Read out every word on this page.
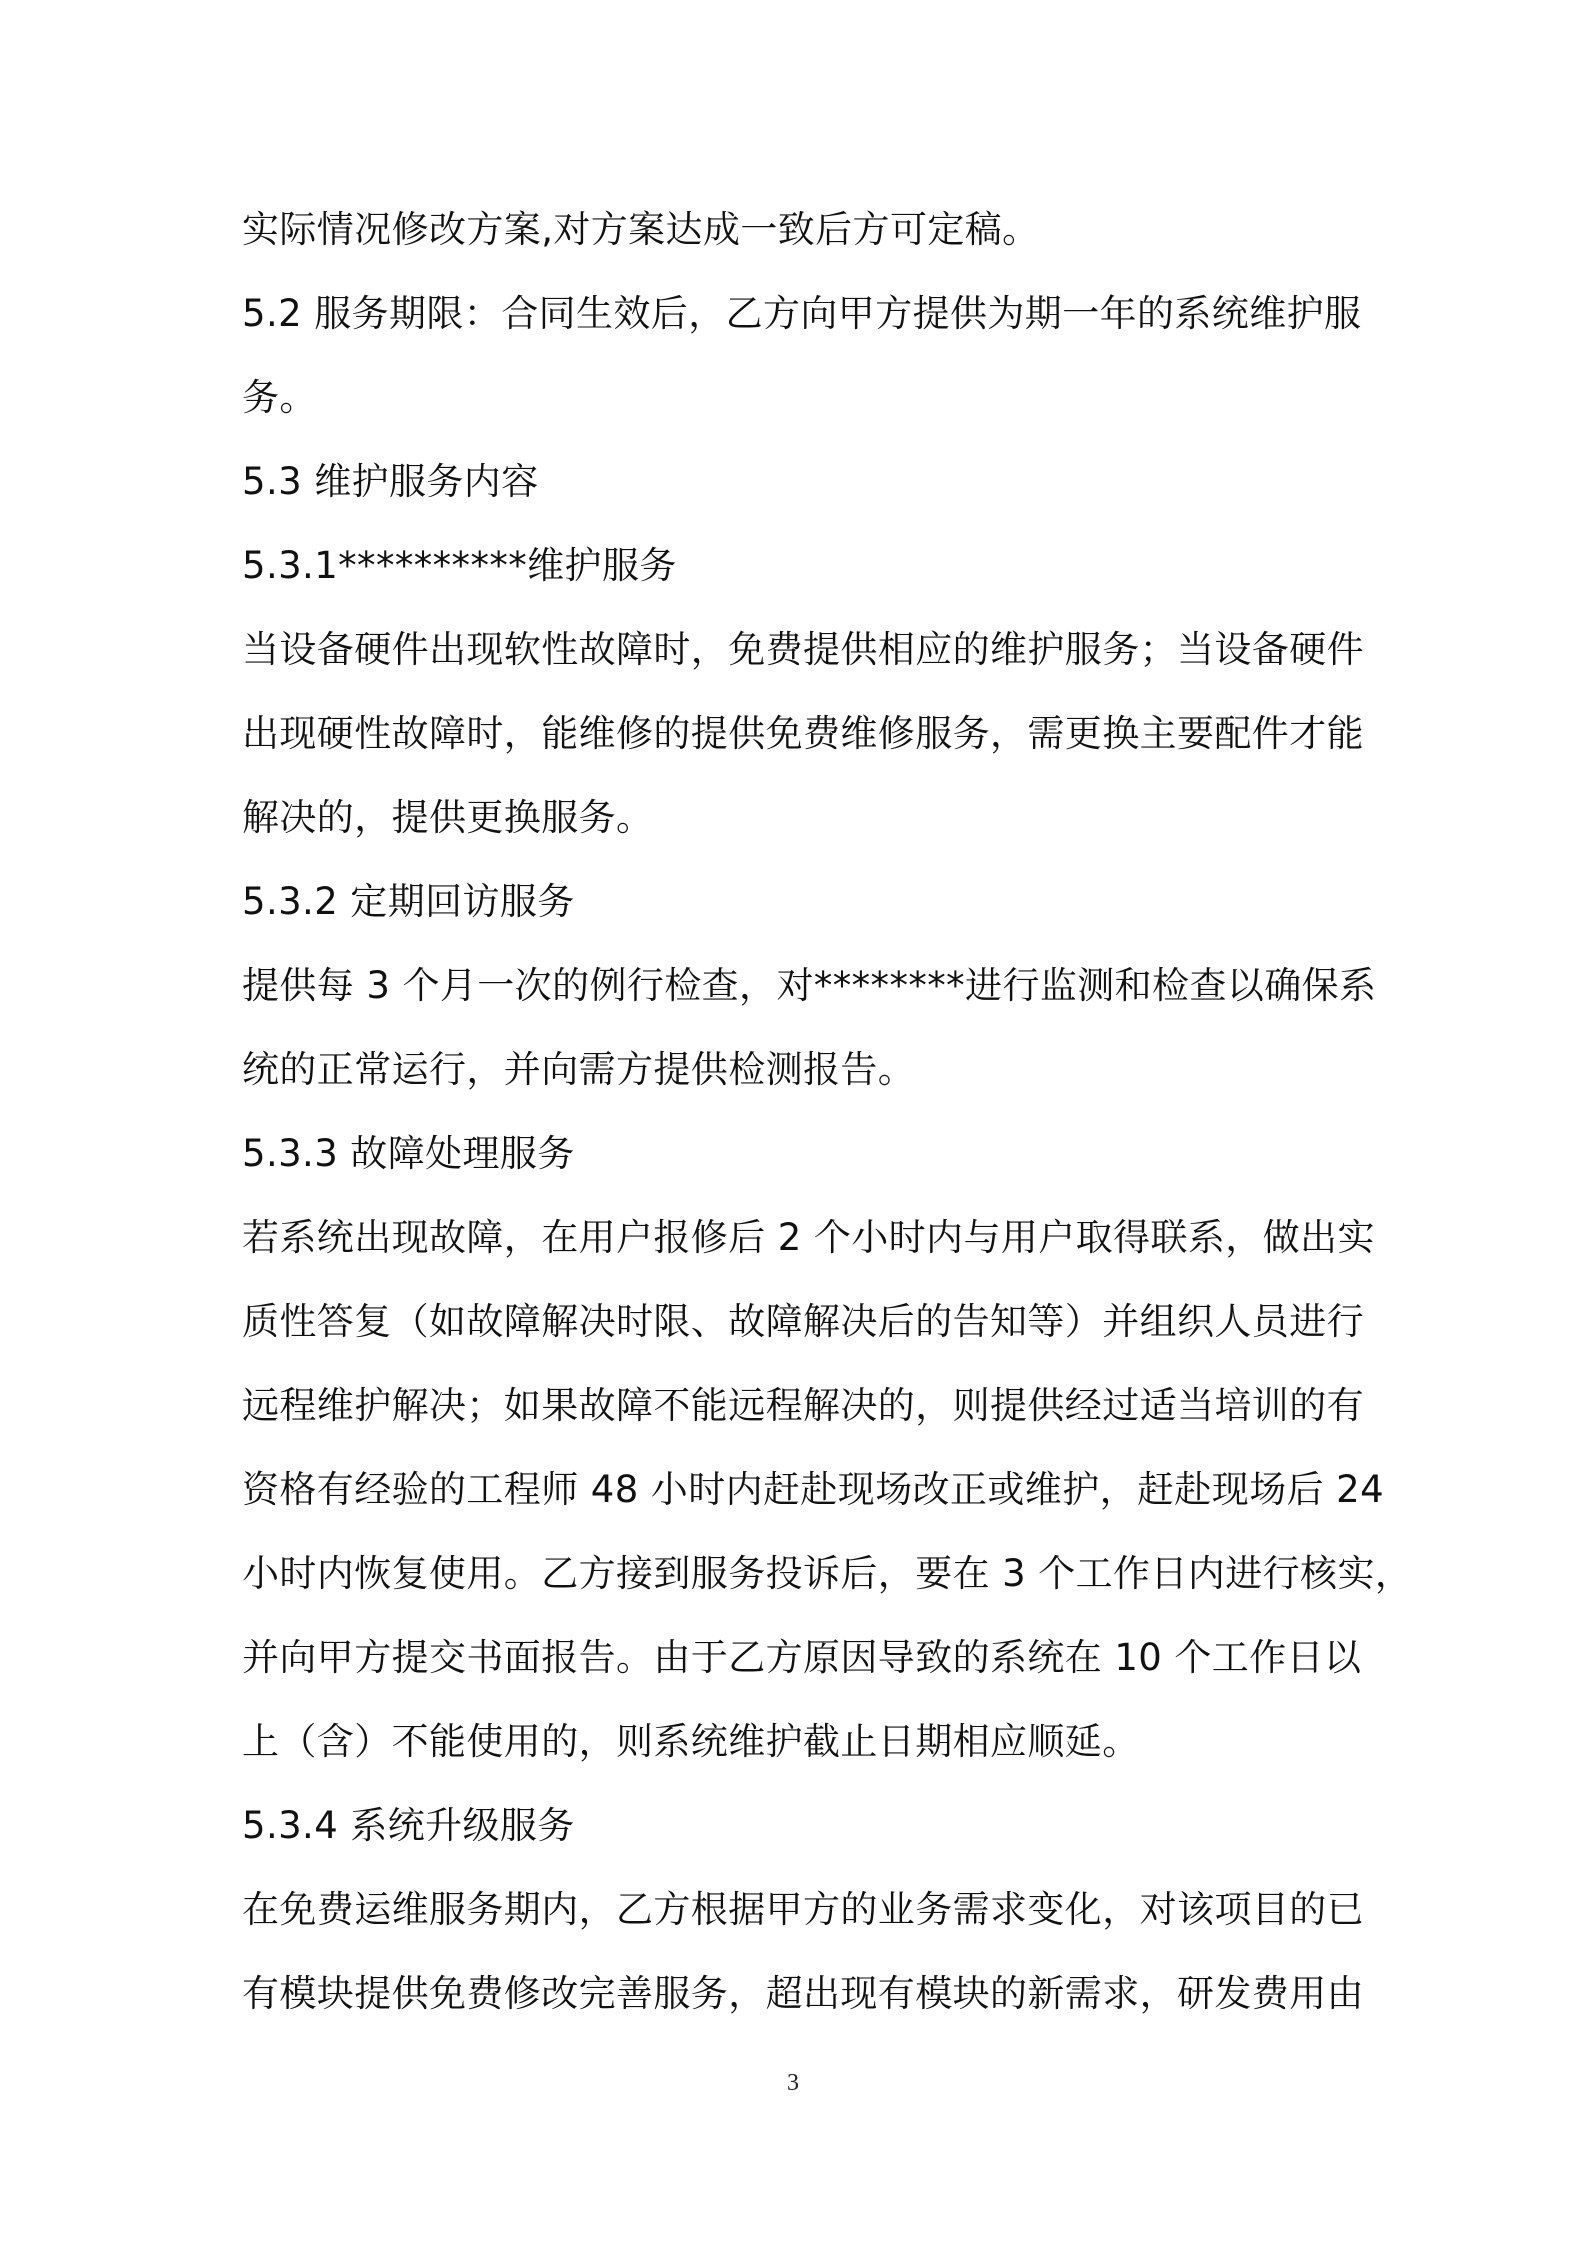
实际情况修改方案,对方案达成一致后方可定稿。

5.2 服务期限：合同生效后，乙方向甲方提供为期一年的系统维护服

务。

5.3 维护服务内容

5.3.1**********维护服务

当设备硬件出现软性故障时，免费提供相应的维护服务；当设备硬件

出现硬性故障时，能维修的提供免费维修服务，需更换主要配件才能

解决的，提供更换服务。

5.3.2 定期回访服务

提供每 3 个月一次的例行检查，对********进行监测和检查以确保系

统的正常运行，并向需方提供检测报告。

5.3.3 故障处理服务

若系统出现故障，在用户报修后 2 个小时内与用户取得联系，做出实

质性答复（如故障解决时限、故障解决后的告知等）并组织人员进行

远程维护解决；如果故障不能远程解决的，则提供经过适当培训的有

资格有经验的工程师 48 小时内赶赴现场改正或维护，赶赴现场后 24

小时内恢复使用。乙方接到服务投诉后，要在 3 个工作日内进行核实，

并向甲方提交书面报告。由于乙方原因导致的系统在 10 个工作日以

上（含）不能使用的，则系统维护截止日期相应顺延。

5.3.4 系统升级服务

在免费运维服务期内，乙方根据甲方的业务需求变化，对该项目的已

有模块提供免费修改完善服务，超出现有模块的新需求，研发费用由

3
